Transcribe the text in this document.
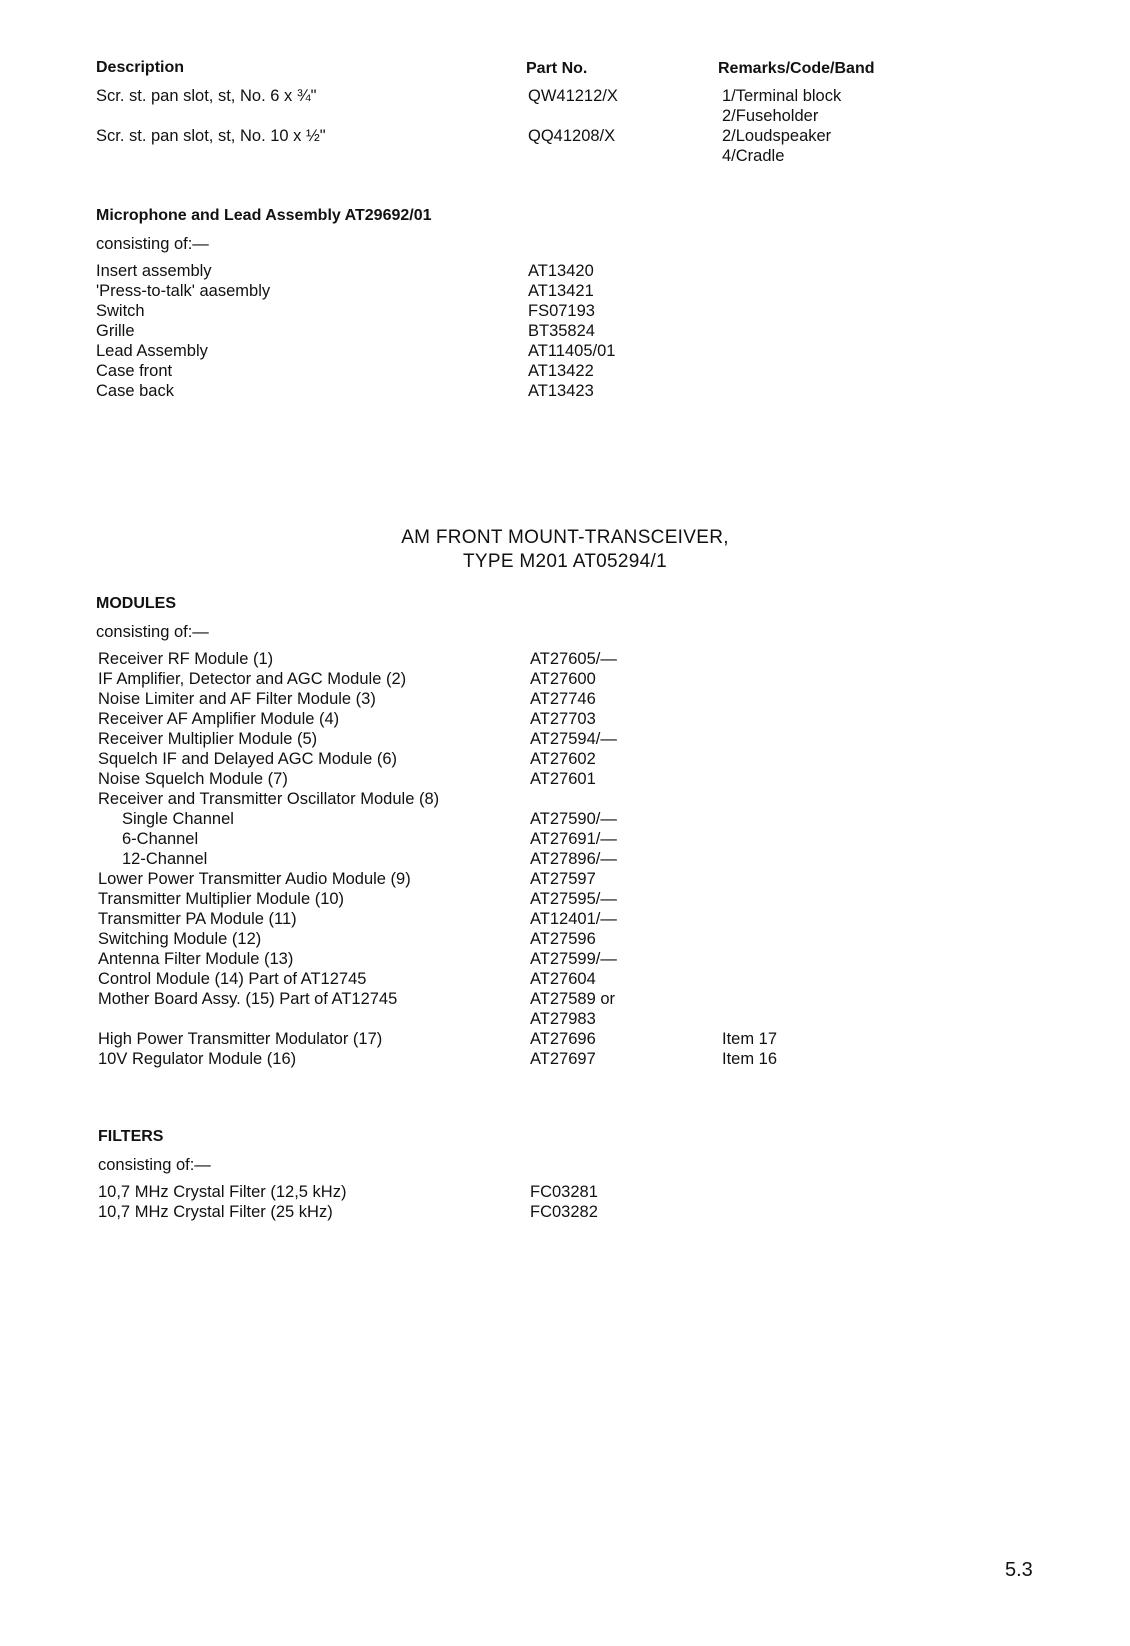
Description	Part No.	Remarks/Code/Band
Scr. st. pan slot, st, No. 6 x ¾"	QW41212/X	1/Terminal block
2/Fuseholder
Scr. st. pan slot, st, No. 10 x ½"	QQ41208/X	2/Loudspeaker
4/Cradle
Microphone and Lead Assembly AT29692/01
consisting of:—
Insert assembly	AT13420
'Press-to-talk' aasembly	AT13421
Switch	FS07193
Grille	BT35824
Lead Assembly	AT11405/01
Case front	AT13422
Case back	AT13423
AM FRONT MOUNT-TRANSCEIVER,
TYPE M201 AT05294/1
MODULES
consisting of:—
Receiver RF Module (1)	AT27605/—
IF Amplifier, Detector and AGC Module (2)	AT27600
Noise Limiter and AF Filter Module (3)	AT27746
Receiver AF Amplifier Module (4)	AT27703
Receiver Multiplier Module (5)	AT27594/—
Squelch IF and Delayed AGC Module (6)	AT27602
Noise Squelch Module (7)	AT27601
Receiver and Transmitter Oscillator Module (8)
Single Channel	AT27590/—
6-Channel	AT27691/—
12-Channel	AT27896/—
Lower Power Transmitter Audio Module (9)	AT27597
Transmitter Multiplier Module (10)	AT27595/—
Transmitter PA Module (11)	AT12401/—
Switching Module (12)	AT27596
Antenna Filter Module (13)	AT27599/—
Control Module (14) Part of AT12745	AT27604
Mother Board Assy. (15) Part of AT12745	AT27589 or
AT27983
High Power Transmitter Modulator (17)	AT27696	Item 17
10V Regulator Module (16)	AT27697	Item 16
FILTERS
consisting of:—
10,7 MHz Crystal Filter (12,5 kHz)	FC03281
10,7 MHz Crystal Filter (25 kHz)	FC03282
5.3
